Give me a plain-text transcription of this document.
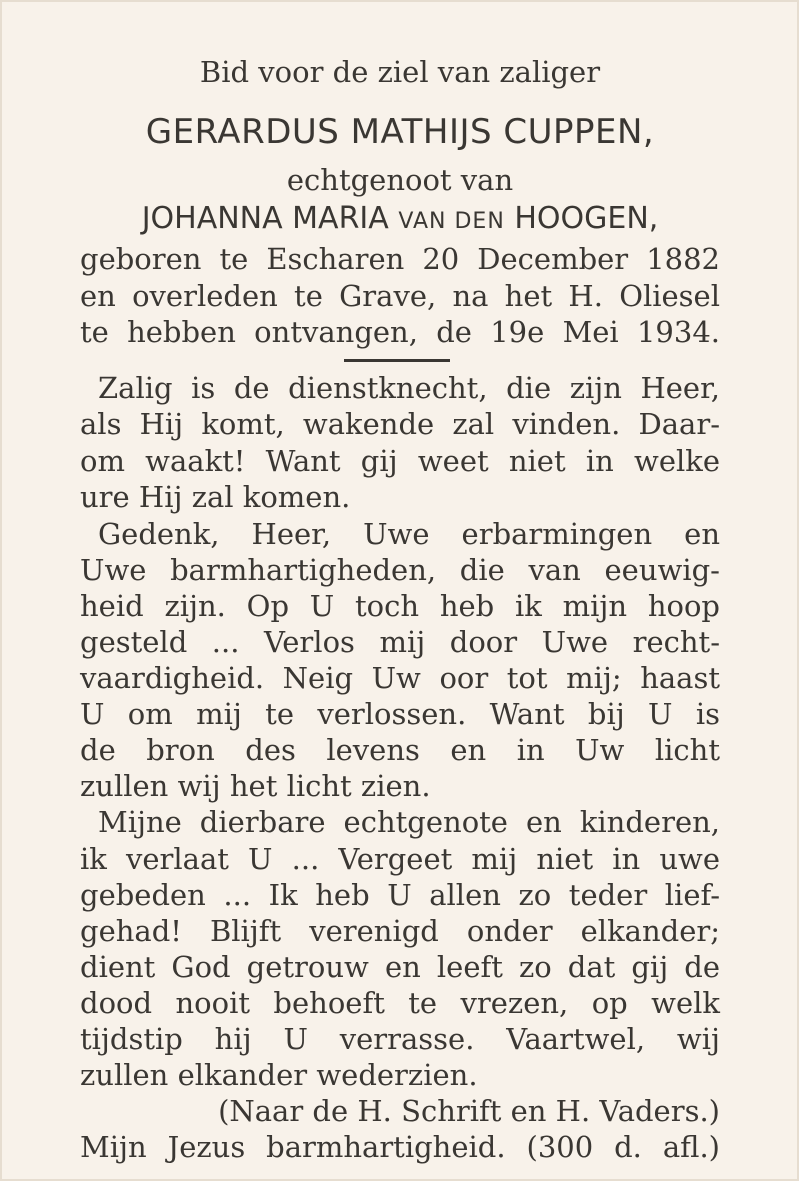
Bid voor de ziel van zaliger
GERARDUS MATHIJS CUPPEN,
echtgenoot van
JOHANNA MARIA VAN DEN HOOGEN,
geboren te Escharen 20 December 1882
en overleden te Grave, na het H. Oliesel
te hebben ontvangen, de 19e Mei 1934.
Zalig is de dienstknecht, die zijn Heer,
als Hij komt, wakende zal vinden. Daar-
om waakt! Want gij weet niet in welke
ure Hij zal komen.
Gedenk, Heer, Uwe erbarmingen en
Uwe barmhartigheden, die van eeuwig-
heid zijn. Op U toch heb ik mijn hoop
gesteld ... Verlos mij door Uwe recht-
vaardigheid. Neig Uw oor tot mij; haast
U om mij te verlossen. Want bij U is
de bron des levens en in Uw licht
zullen wij het licht zien.
Mijne dierbare echtgenote en kinderen,
ik verlaat U ... Vergeet mij niet in uwe
gebeden ... Ik heb U allen zo teder lief-
gehad! Blijft verenigd onder elkander;
dient God getrouw en leeft zo dat gij de
dood nooit behoeft te vrezen, op welk
tijdstip hij U verrasse. Vaartwel, wij
zullen elkander wederzien.
(Naar de H. Schrift en H. Vaders.)
Mijn Jezus barmhartigheid. (300 d. afl.)
